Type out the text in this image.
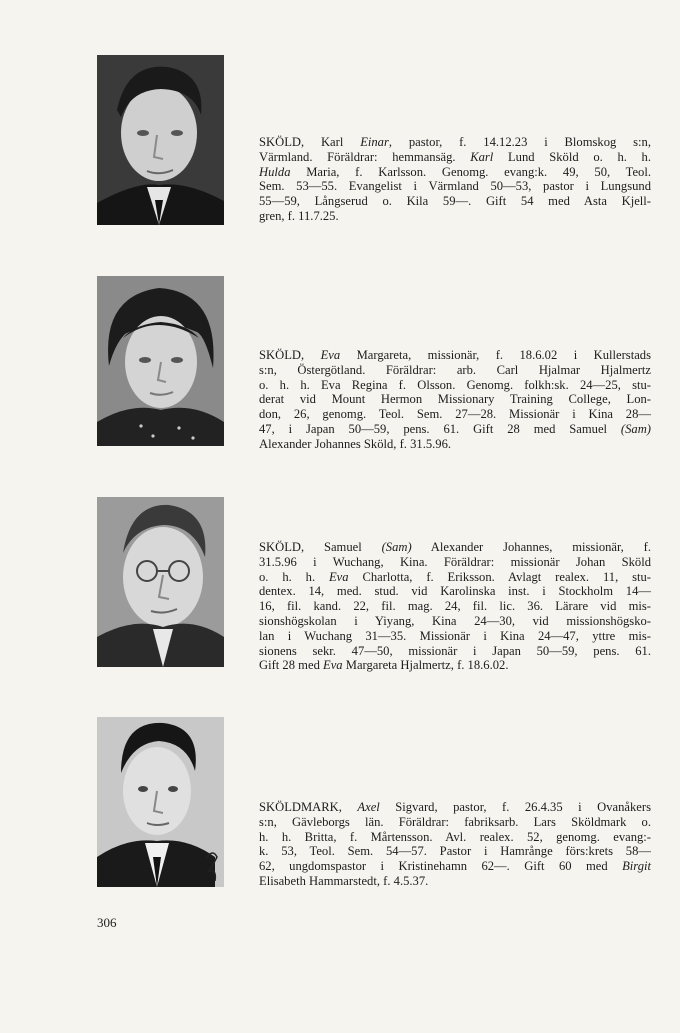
SKÖLD, Karl Einar, pastor, f. 14.12.23 i Blomskog s:n,
Värmland. Föräldrar: hemmansäg. Karl Lund Sköld o. h. h.
Hulda Maria, f. Karlsson. Genomg. evang:k. 49, 50, Teol.
Sem. 53—55. Evangelist i Värmland 50—53, pastor i Lungsund
55—59, Långserud o. Kila 59—. Gift 54 med Asta Kjell-
gren, f. 11.7.25.
SKÖLD, Eva Margareta, missionär, f. 18.6.02 i Kullerstads
s:n, Östergötland. Föräldrar: arb. Carl Hjalmar Hjalmertz
o. h. h. Eva Regina f. Olsson. Genomg. folkh:sk. 24—25, stu-
derat vid Mount Hermon Missionary Training College, Lon-
don, 26, genomg. Teol. Sem. 27—28. Missionär i Kina 28—
47, i Japan 50—59, pens. 61. Gift 28 med Samuel (Sam)
Alexander Johannes Sköld, f. 31.5.96.
SKÖLD, Samuel (Sam) Alexander Johannes, missionär, f.
31.5.96 i Wuchang, Kina. Föräldrar: missionär Johan Sköld
o. h. h. Eva Charlotta, f. Eriksson. Avlagt realex. 11, stu-
dentex. 14, med. stud. vid Karolinska inst. i Stockholm 14—
16, fil. kand. 22, fil. mag. 24, fil. lic. 36. Lärare vid mis-
sionshögskolan i Yiyang, Kina 24—30, vid missionshögsko-
lan i Wuchang 31—35. Missionär i Kina 24—47, yttre mis-
sionens sekr. 47—50, missionär i Japan 50—59, pens. 61.
Gift 28 med Eva Margareta Hjalmertz, f. 18.6.02.
SKÖLDMARK, Axel Sigvard, pastor, f. 26.4.35 i Ovanåkers
s:n, Gävleborgs län. Föräldrar: fabriksarb. Lars Sköldmark o.
h. h. Britta, f. Mårtensson. Avl. realex. 52, genomg. evang:-
k. 53, Teol. Sem. 54—57. Pastor i Hamrånge förs:krets 58—
62, ungdomspastor i Kristinehamn 62—. Gift 60 med Birgit
Elisabeth Hammarstedt, f. 4.5.37.
306
